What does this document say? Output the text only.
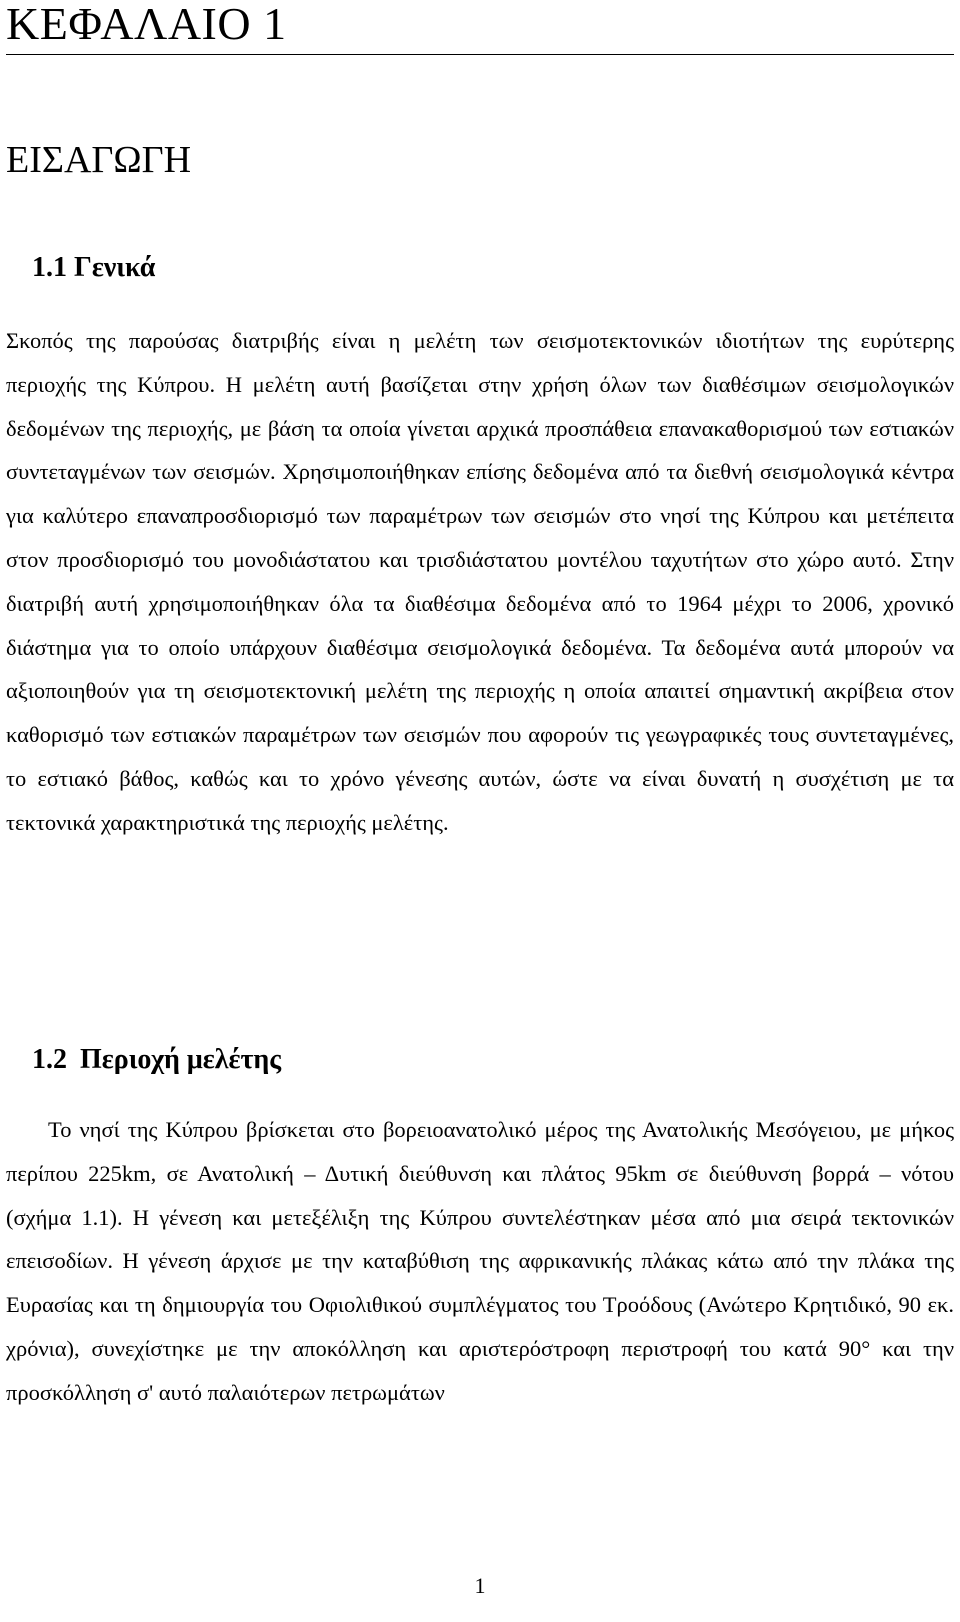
ΚΕΦΑΛΑΙΟ 1
ΕΙΣΑΓΩΓΗ
1.1 Γενικά

Σκοπός της παρούσας διατριβής είναι η μελέτη των σεισμοτεκτονικών ιδιοτήτων της ευρύτερης περιοχής της Κύπρου. Η μελέτη αυτή βασίζεται στην χρήση όλων των διαθέσιμων σεισμολογικών δεδομένων της περιοχής, με βάση τα οποία γίνεται αρχικά προσπάθεια επανακαθορισμού των εστιακών συντεταγμένων των σεισμών. Χρησιμοποιήθηκαν επίσης δεδομένα από τα διεθνή σεισμολογικά κέντρα για καλύτερο επαναπροσδιορισμό των παραμέτρων των σεισμών στο νησί της Κύπρου και μετέπειτα στον προσδιορισμό του μονοδιάστατου και τρισδιάστατου μοντέλου ταχυτήτων στο χώρο αυτό. Στην διατριβή αυτή χρησιμοποιήθηκαν όλα τα διαθέσιμα δεδομένα από το 1964 μέχρι το 2006, χρονικό διάστημα για το οποίο υπάρχουν διαθέσιμα σεισμολογικά δεδομένα. Τα δεδομένα αυτά μπορούν να αξιοποιηθούν για τη σεισμοτεκτονική μελέτη της περιοχής η οποία απαιτεί σημαντική ακρίβεια στον καθορισμό των εστιακών παραμέτρων των σεισμών που αφορούν τις γεωγραφικές τους συντεταγμένες, το εστιακό βάθος, καθώς και το χρόνο γένεσης αυτών, ώστε να είναι δυνατή η συσχέτιση με τα τεκτονικά χαρακτηριστικά της περιοχής μελέτης.

1.2 Περιοχή μελέτης

Το νησί της Κύπρου βρίσκεται στο βορειοανατολικό μέρος της Ανατολικής Μεσόγειου, με μήκος περίπου 225km, σε Ανατολική – Δυτική διεύθυνση και πλάτος 95km σε διεύθυνση βορρά – νότου (σχήμα 1.1). Η γένεση και μετεξέλιξη της Κύπρου συντελέστηκαν μέσα από μια σειρά τεκτονικών επεισοδίων. Η γένεση άρχισε με την καταβύθιση της αφρικανικής πλάκας κάτω από την πλάκα της Ευρασίας και τη δημιουργία του Οφιολιθικού συμπλέγματος του Τροόδους (Ανώτερο Κρητιδικό, 90 εκ. χρόνια), συνεχίστηκε με την αποκόλληση και αριστερόστροφη περιστροφή του κατά 90° και την προσκόλληση σ' αυτό παλαιότερων πετρωμάτων

1
